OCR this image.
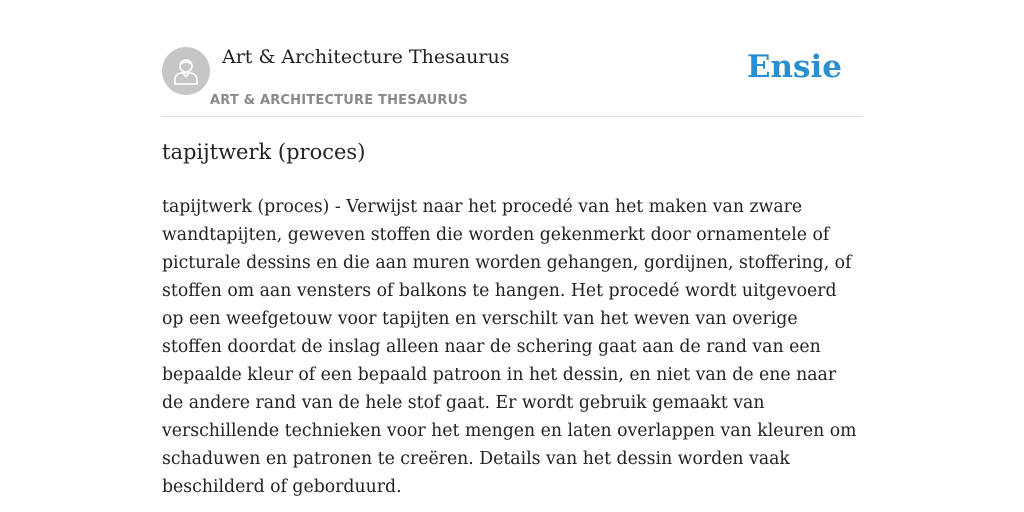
Art & Architecture Thesaurus
ART & ARCHITECTURE THESAURUS
Ensie
tapijtwerk (proces)

tapijtwerk (proces) - Verwijst naar het procedé van het maken van zware wandtapijten, geweven stoffen die worden gekenmerkt door ornamentele of picturale dessins en die aan muren worden gehangen, gordijnen, stoffering, of stoffen om aan vensters of balkons te hangen. Het procedé wordt uitgevoerd op een weefgetouw voor tapijten en verschilt van het weven van overige stoffen doordat de inslag alleen naar de schering gaat aan de rand van een bepaalde kleur of een bepaald patroon in het dessin, en niet van de ene naar de andere rand van de hele stof gaat. Er wordt gebruik gemaakt van verschillende technieken voor het mengen en laten overlappen van kleuren om schaduwen en patronen te creëren. Details van het dessin worden vaak beschilderd of geborduurd.
